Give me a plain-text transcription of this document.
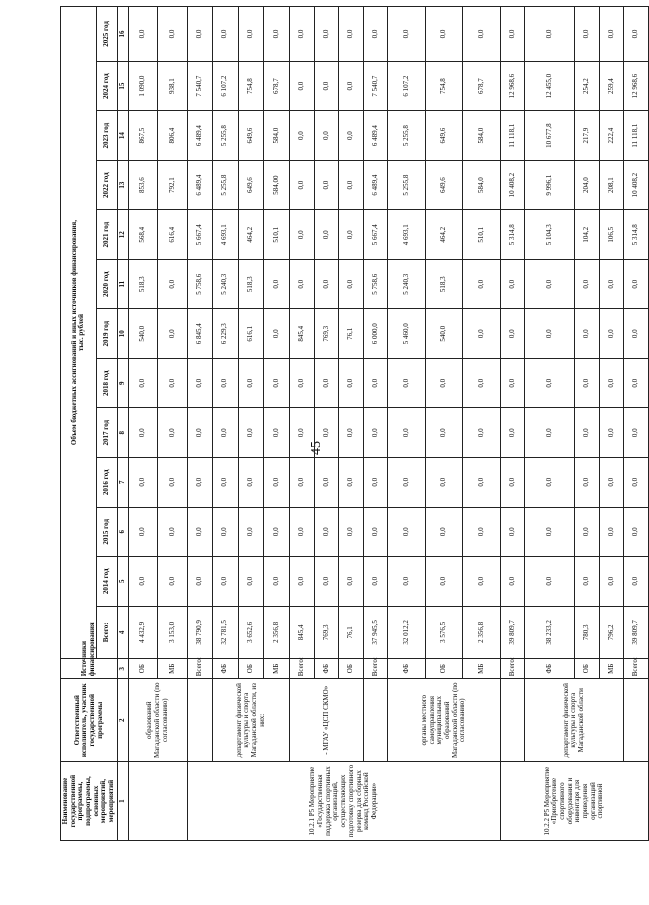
45
Наименование государственной программы, подпрограммы, основных мероприятий, мероприятий	Ответственный исполнитель, участник государственной программы	Источники финансирования	Объем бюджетных ассигнований и иных источников финансирования, тыс. рублей												

			Всего:	2014 год	2015 год	2016 год	2017 год	2018 год	2019 год	2020 год	2021 год	2022 год	2023 год	2024 год	2025 год
1	2	3	4	5	6	7	8	9	10	11	12	13	14	15	16
	образований Магаданской области (по согласованию)	ОБ	4 432,9	0,0	0,0	0,0	0,0	0,0	540,0	518,3	568,4	853,6	867,5	1 090,0	0,0
		МБ	3 153,0	0,0	0,0	0,0	0,0	0,0	0,0	0,0	616,4	792,1	806,4	938,1	0,0
10.2.1 Р5 Мероприятие «Государственная поддержка спортивных организаций, осуществляющих подготовку спортивного резерва для сборных команд Российской Федерации»		Всего:	38 790,9	0,0	0,0	0,0	0,0	0,0	6 845,4	5 758,6	5 667,4	6 489,4	6 489,4	7 540,7	0,0
	департамент физической культуры и спорта Магаданской области, из них:	ФБ	32 781,5	0,0	0,0	0,0	0,0	0,0	6 229,3	5 240,3	4 693,1	5 255,8	5 255,8	6 107,2	0,0
		ОБ	3 652,6	0,0	0,0	0,0	0,0	0,0	616,1	518,3	464,2	649,6	649,6	754,8	0,0
		МБ	2 356,8	0,0	0,0	0,0	0,0	0,0	0,0	0,0	510,1	584,00	584,0	678,7	0,0
	- МГАУ «ЦСП СКМО»	Всего:	845,4	0,0	0,0	0,0	0,0	0,0	845,4	0,0	0,0	0,0	0,0	0,0	0,0
		ФБ	769,3	0,0	0,0	0,0	0,0	0,0	769,3	0,0	0,0	0,0	0,0	0,0	0,0
		ОБ	76,1	0,0	0,0	0,0	0,0	0,0	76,1	0,0	0,0	0,0	0,0	0,0	0,0
		Всего:	37 945,5	0,0	0,0	0,0	0,0	0,0	6 000,0	5 758,6	5 667,4	6 489,4	6 489,4	7 540,7	0,0
	органы местного самоуправления муниципальных образований Магаданской области (по согласованию)	ФБ	32 012,2	0,0	0,0	0,0	0,0	0,0	5 460,0	5 240,3	4 693,1	5 255,8	5 255,8	6 107,2	0,0
		ОБ	3 576,5	0,0	0,0	0,0	0,0	0,0	540,0	518,3	464,2	649,6	649,6	754,8	0,0
		МБ	2 356,8	0,0	0,0	0,0	0,0	0,0	0,0	0,0	510,1	584,0	584,0	678,7	0,0
10.2.2 Р5 Мероприятие «Приобретение спортивного оборудования и инвентаря для приведения организаций спортивной		Всего:	39 809,7	0,0	0,0	0,0	0,0	0,0	0,0	0,0	5 314,8	10 408,2	11 118,1	12 968,6	0,0
	департамент физической культуры и спорта Магаданской области	ФБ	38 233,2	0,0	0,0	0,0	0,0	0,0	0,0	0,0	5 104,3	9 996,1	10 677,8	12 455,0	0,0
		ОБ	780,3	0,0	0,0	0,0	0,0	0,0	0,0	0,0	104,2	204,0	217,9	254,2	0,0
		МБ	796,2	0,0	0,0	0,0	0,0	0,0	0,0	0,0	106,5	208,1	222,4	259,4	0,0
		Всего:	39 809,7	0,0	0,0	0,0	0,0	0,0	0,0	0,0	5 314,8	10 408,2	11 118,1	12 968,6	0,0
